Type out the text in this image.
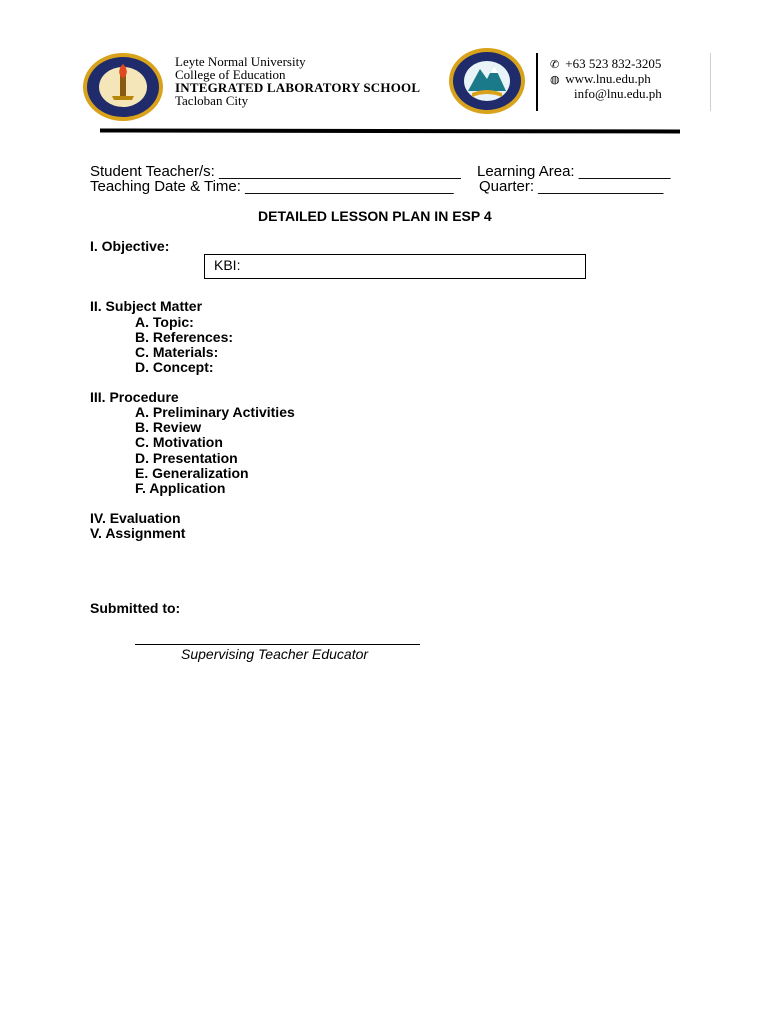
Leyte Normal University
College of Education
INTEGRATED LABORATORY SCHOOL
Tacloban City
✆ +63 523 832-3205
◍ www.lnu.edu.ph
info@lnu.edu.ph
Student Teacher/s: _____________________________ Learning Area: ___________
Teaching Date & Time: _________________________ Quarter: _______________
DETAILED LESSON PLAN IN ESP 4
I. Objective:
KBI:
II. Subject Matter
A. Topic:
B. References:
C. Materials:
D. Concept:
III. Procedure
A. Preliminary Activities
B. Review
C. Motivation
D. Presentation
E. Generalization
F. Application
IV. Evaluation
V. Assignment
Submitted to:
Supervising Teacher Educator
